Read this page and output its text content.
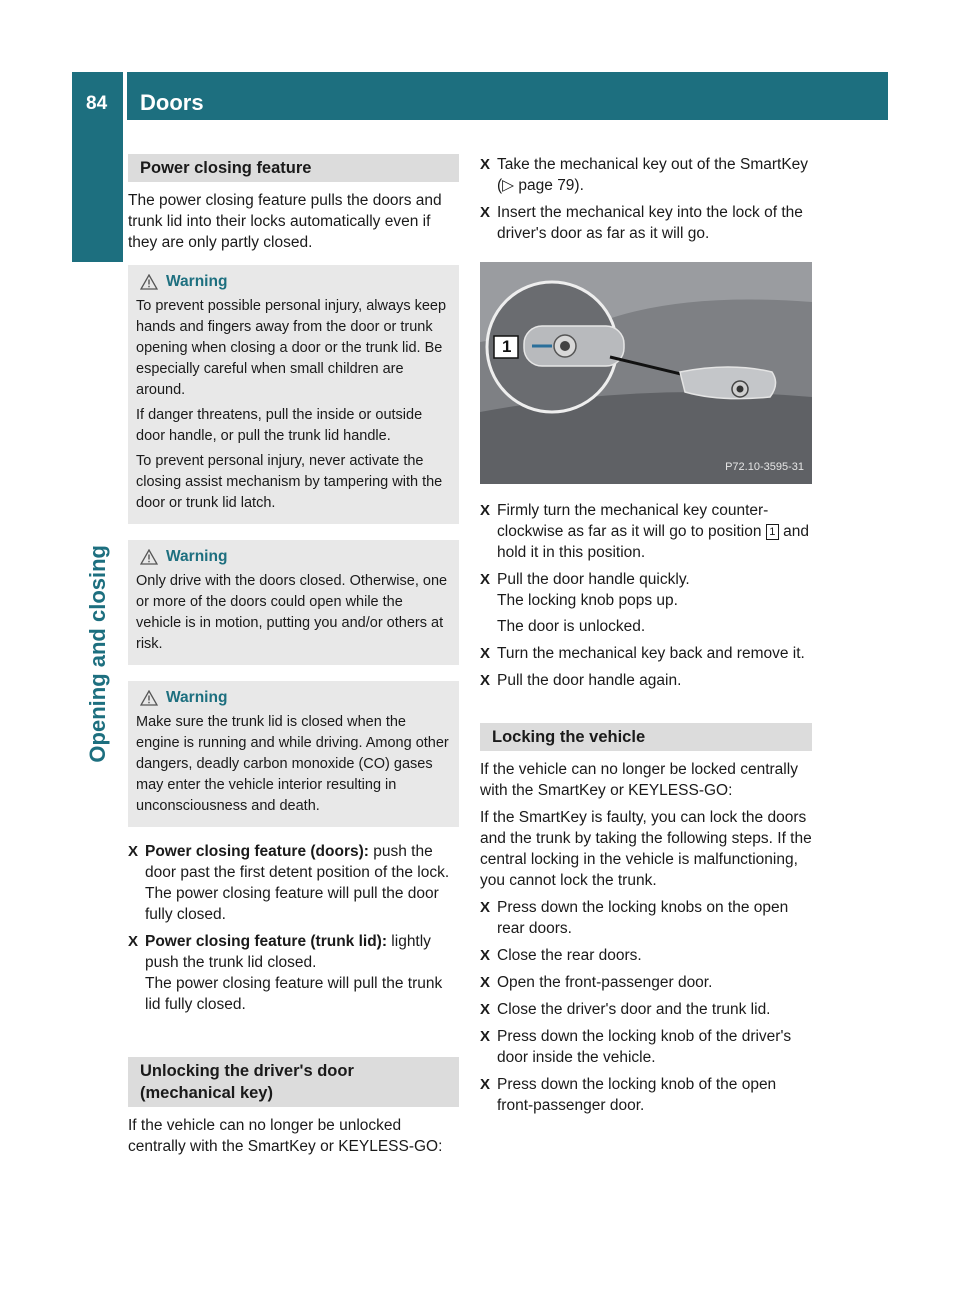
84 Doors
Opening and closing
Power closing feature

The power closing feature pulls the doors and trunk lid into their locks automatically even if they are only partly closed.

Warning

To prevent possible personal injury, always keep hands and fingers away from the door or trunk opening when closing a door or the trunk lid. Be especially careful when small children are around.

If danger threatens, pull the inside or outside door handle, or pull the trunk lid handle.

To prevent personal injury, never activate the closing assist mechanism by tampering with the door or trunk lid latch.

Warning

Only drive with the doors closed. Otherwise, one or more of the doors could open while the vehicle is in motion, putting you and/or others at risk.

Warning

Make sure the trunk lid is closed when the engine is running and while driving. Among other dangers, deadly carbon monoxide (CO) gases may enter the vehicle interior resulting in unconsciousness and death.

X Power closing feature (doors): push the door past the first detent position of the lock.
The power closing feature will pull the door fully closed.
X Power closing feature (trunk lid): lightly push the trunk lid closed.
The power closing feature will pull the trunk lid fully closed.
Unlocking the driver's door (mechanical key)

If the vehicle can no longer be unlocked centrally with the SmartKey or KEYLESS-GO:

X Take the mechanical key out of the SmartKey (▷ page 79).
X Insert the mechanical key into the lock of the driver's door as far as it will go.
1
P72.10-3595-31
X Firmly turn the mechanical key counter-clockwise as far as it will go to position 1 and hold it in this position.
X Pull the door handle quickly.
The locking knob pops up.
The door is unlocked.
X Turn the mechanical key back and remove it.
X Pull the door handle again.
Locking the vehicle

If the vehicle can no longer be locked centrally with the SmartKey or KEYLESS-GO:

If the SmartKey is faulty, you can lock the doors and the trunk by taking the following steps. If the central locking in the vehicle is malfunctioning, you cannot lock the trunk.

X Press down the locking knobs on the open rear doors.
X Close the rear doors.
X Open the front-passenger door.
X Close the driver's door and the trunk lid.
X Press down the locking knob of the driver's door inside the vehicle.
X Press down the locking knob of the open front-passenger door.
